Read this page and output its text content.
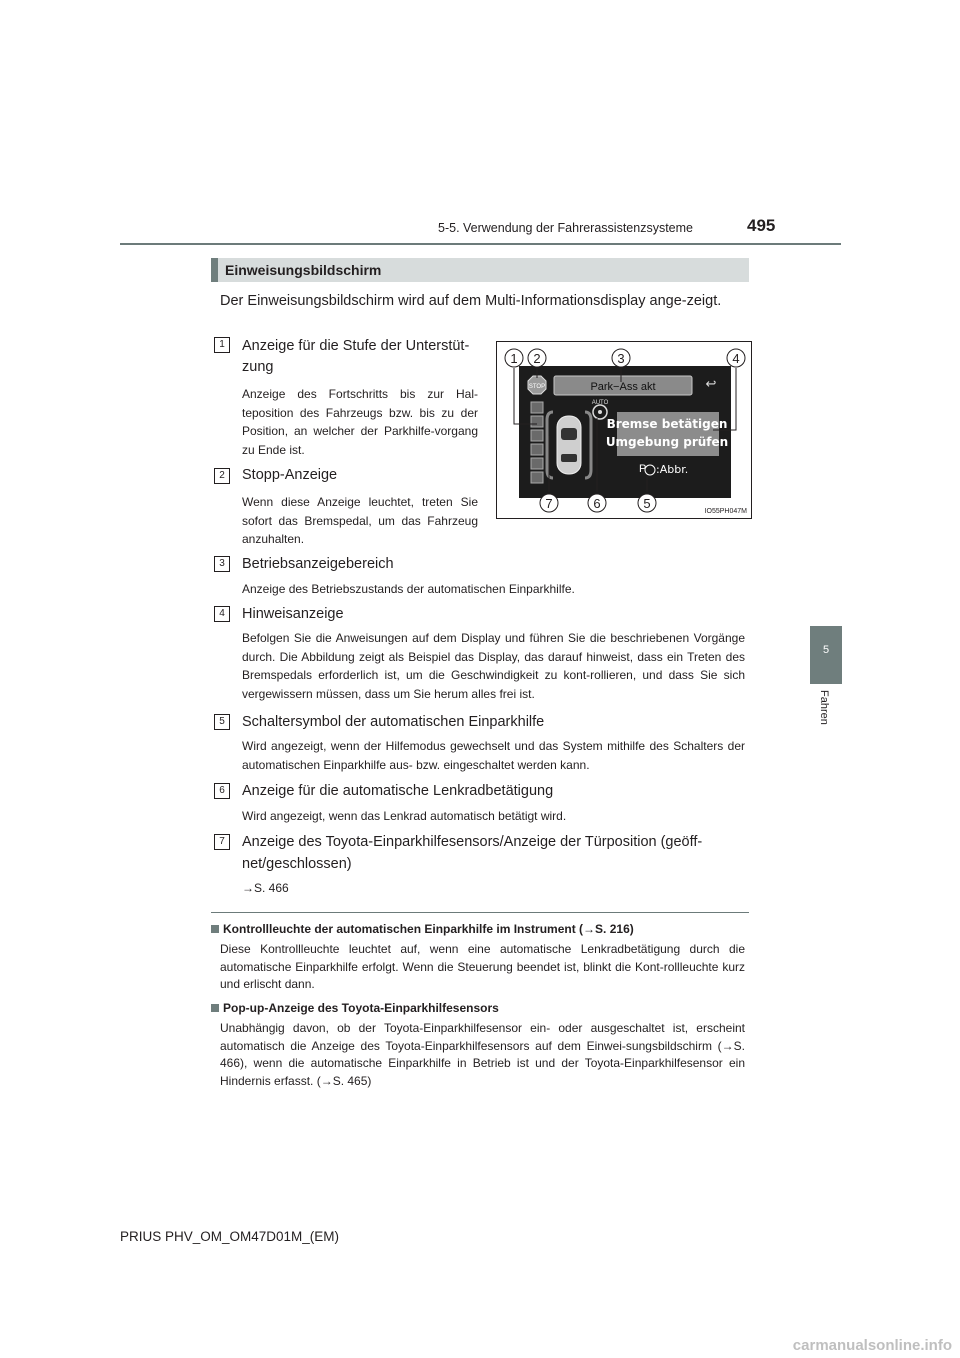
5-5. Verwendung der Fahrerassistenzsysteme	495
5
Fahren
Einweisungsbildschirm
Der Einweisungsbildschirm wird auf dem Multi-Informationsdisplay ange-zeigt.
Park−Ass akt	↩
STOP
AUTO
Bremse betätigen
Umgebung prüfen
P :Abbr.
1 2	3	4
7	6	5
IO55PH047M
1	Anzeige für die Stufe der Unterstüt-zung
Anzeige des Fortschritts bis zur Hal-teposition des Fahrzeugs bzw. bis zu der Position, an welcher der Parkhilfe-vorgang zu Ende ist.
2	Stopp-Anzeige
Wenn diese Anzeige leuchtet, treten Sie sofort das Bremspedal, um das Fahrzeug anzuhalten.
3	Betriebsanzeigebereich
Anzeige des Betriebszustands der automatischen Einparkhilfe.
4	Hinweisanzeige
Befolgen Sie die Anweisungen auf dem Display und führen Sie die beschriebenen Vorgänge durch. Die Abbildung zeigt als Beispiel das Display, das darauf hinweist, dass ein Treten des Bremspedals erforderlich ist, um die Geschwindigkeit zu kont-rollieren, und dass Sie sich vergewissern müssen, dass um Sie herum alles frei ist.
5	Schaltersymbol der automatischen Einparkhilfe
Wird angezeigt, wenn der Hilfemodus gewechselt und das System mithilfe des Schalters der automatischen Einparkhilfe aus- bzw. eingeschaltet werden kann.
6	Anzeige für die automatische Lenkradbetätigung
Wird angezeigt, wenn das Lenkrad automatisch betätigt wird.
7	Anzeige des Toyota-Einparkhilfesensors/Anzeige der Türposition (geöff-net/geschlossen)
→S. 466
Kontrollleuchte der automatischen Einparkhilfe im Instrument (→S. 216)
Diese Kontrollleuchte leuchtet auf, wenn eine automatische Lenkradbetätigung durch die automatische Einparkhilfe erfolgt. Wenn die Steuerung beendet ist, blinkt die Kont-rollleuchte kurz und erlischt dann.
Pop-up-Anzeige des Toyota-Einparkhilfesensors
Unabhängig davon, ob der Toyota-Einparkhilfesensor ein- oder ausgeschaltet ist, erscheint automatisch die Anzeige des Toyota-Einparkhilfesensors auf dem Einwei-sungsbildschirm (→S. 466), wenn die automatische Einparkhilfe in Betrieb ist und der Toyota-Einparkhilfesensor ein Hindernis erfasst. (→S. 465)
PRIUS PHV_OM_OM47D01M_(EM)
carmanualsonline.info
